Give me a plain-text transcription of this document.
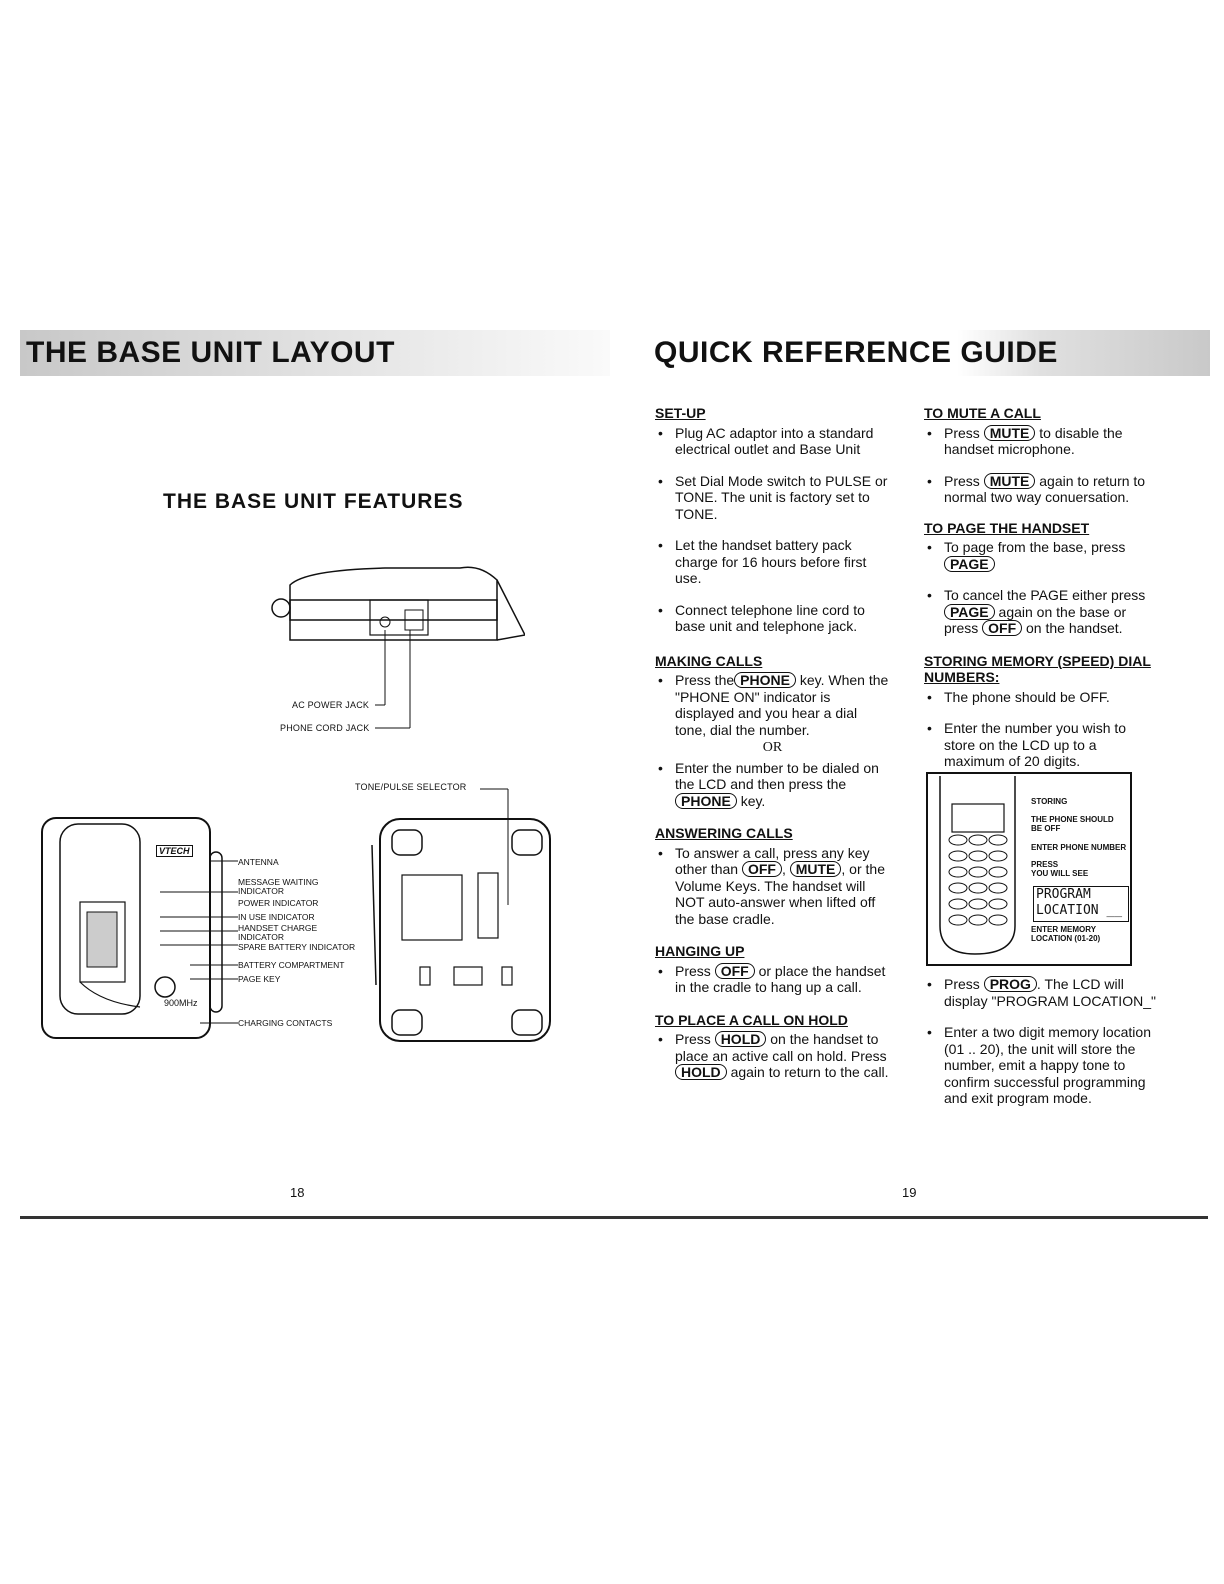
THE BASE UNIT LAYOUT	QUICK REFERENCE GUIDE
THE BASE UNIT FEATURES
AC POWER JACK
PHONE CORD JACK
VTECH
900MHz
ANTENNA
MESSAGE WAITING
INDICATOR
POWER INDICATOR
IN USE INDICATOR
HANDSET CHARGE
INDICATOR
SPARE BATTERY INDICATOR
BATTERY COMPARTMENT
PAGE KEY
CHARGING CONTACTS
TONE/PULSE SELECTOR
18
SET-UP
• Plug AC adaptor into a standard electrical outlet and Base Unit
• Set Dial Mode switch to PULSE or TONE. The unit is factory set to TONE.
• Let the handset battery pack charge for 16 hours before first use.
• Connect telephone line cord to base unit and telephone jack.
MAKING CALLS
• Press the PHONE key. When the "PHONE ON" indicator is displayed and you hear a dial tone, dial the number.
OR
• Enter the number to be dialed on the LCD and then press the PHONE key.
ANSWERING CALLS
• To answer a call, press any key other than OFF , MUTE , or the Volume Keys. The handset will NOT auto-answer when lifted off the base cradle.
HANGING UP
• Press OFF or place the handset in the cradle to hang up a call.
TO PLACE A CALL ON HOLD
• Press HOLD on the handset to place an active call on hold. Press HOLD again to return to the call.
TO MUTE A CALL
• Press MUTE to disable the handset microphone.
• Press MUTE again to return to normal two way conuersation.
TO PAGE THE HANDSET
• To page from the base, press PAGE
• To cancel the PAGE either press PAGE again on the base or press OFF on the handset.
STORING MEMORY (SPEED) DIAL NUMBERS:
• The phone should be OFF.
• Enter the number you wish to store on the LCD up to a maximum of 20 digits.
STORING
THE PHONE SHOULD BE OFF
ENTER PHONE NUMBER
PRESS
YOU WILL SEE
PROGRAM
LOCATION __
ENTER MEMORY LOCATION (01-20)
• Press PROG . The LCD will display "PROGRAM LOCATION_"
• Enter a two digit memory location (01 .. 20), the unit will store the number, emit a happy tone to confirm successful programming and exit program mode.
19
